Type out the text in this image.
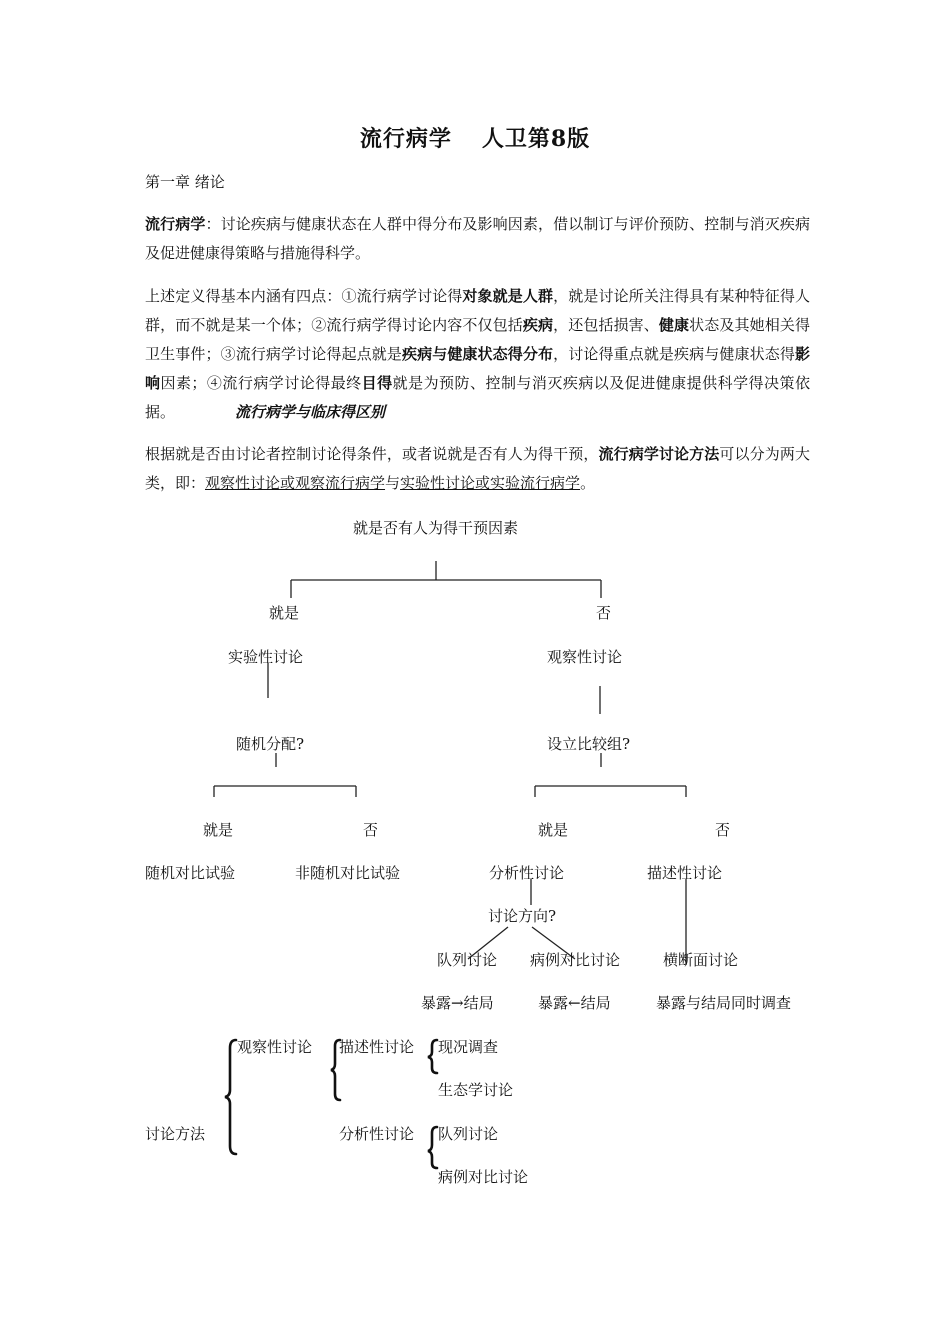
流行病学 人卫第8版
第一章 绪论
流行病学：讨论疾病与健康状态在人群中得分布及影响因素，借以制订与评价预防、控制与消灭疾病及促进健康得策略与措施得科学。
上述定义得基本内涵有四点：①流行病学讨论得对象就是人群，就是讨论所关注得具有某种特征得人群，而不就是某一个体；②流行病学得讨论内容不仅包括疾病，还包括损害、健康状态及其她相关得卫生事件；③流行病学讨论得起点就是疾病与健康状态得分布，讨论得重点就是疾病与健康状态得影响因素；④流行病学讨论得最终目得就是为预防、控制与消灭疾病以及促进健康提供科学得决策依据。	流行病学与临床得区别
根据就是否由讨论者控制讨论得条件，或者说就是否有人为得干预，流行病学讨论方法可以分为两大类，即：观察性讨论或观察流行病学与实验性讨论或实验流行病学。
就是否有人为得干预因素
就是	否
实验性讨论	观察性讨论
随机分配?	设立比较组?
就是	否	就是	否
随机对比试验	非随机对比试验	分析性讨论	描述性讨论
讨论方向?
队列讨论 病例对比讨论	横断面讨论
暴露→结局	暴露←结局	暴露与结局同时调查
讨论方法
观察性讨论 描述性讨论
分析性讨论
现况调查
生态学讨论
队列讨论
病例对比讨论
